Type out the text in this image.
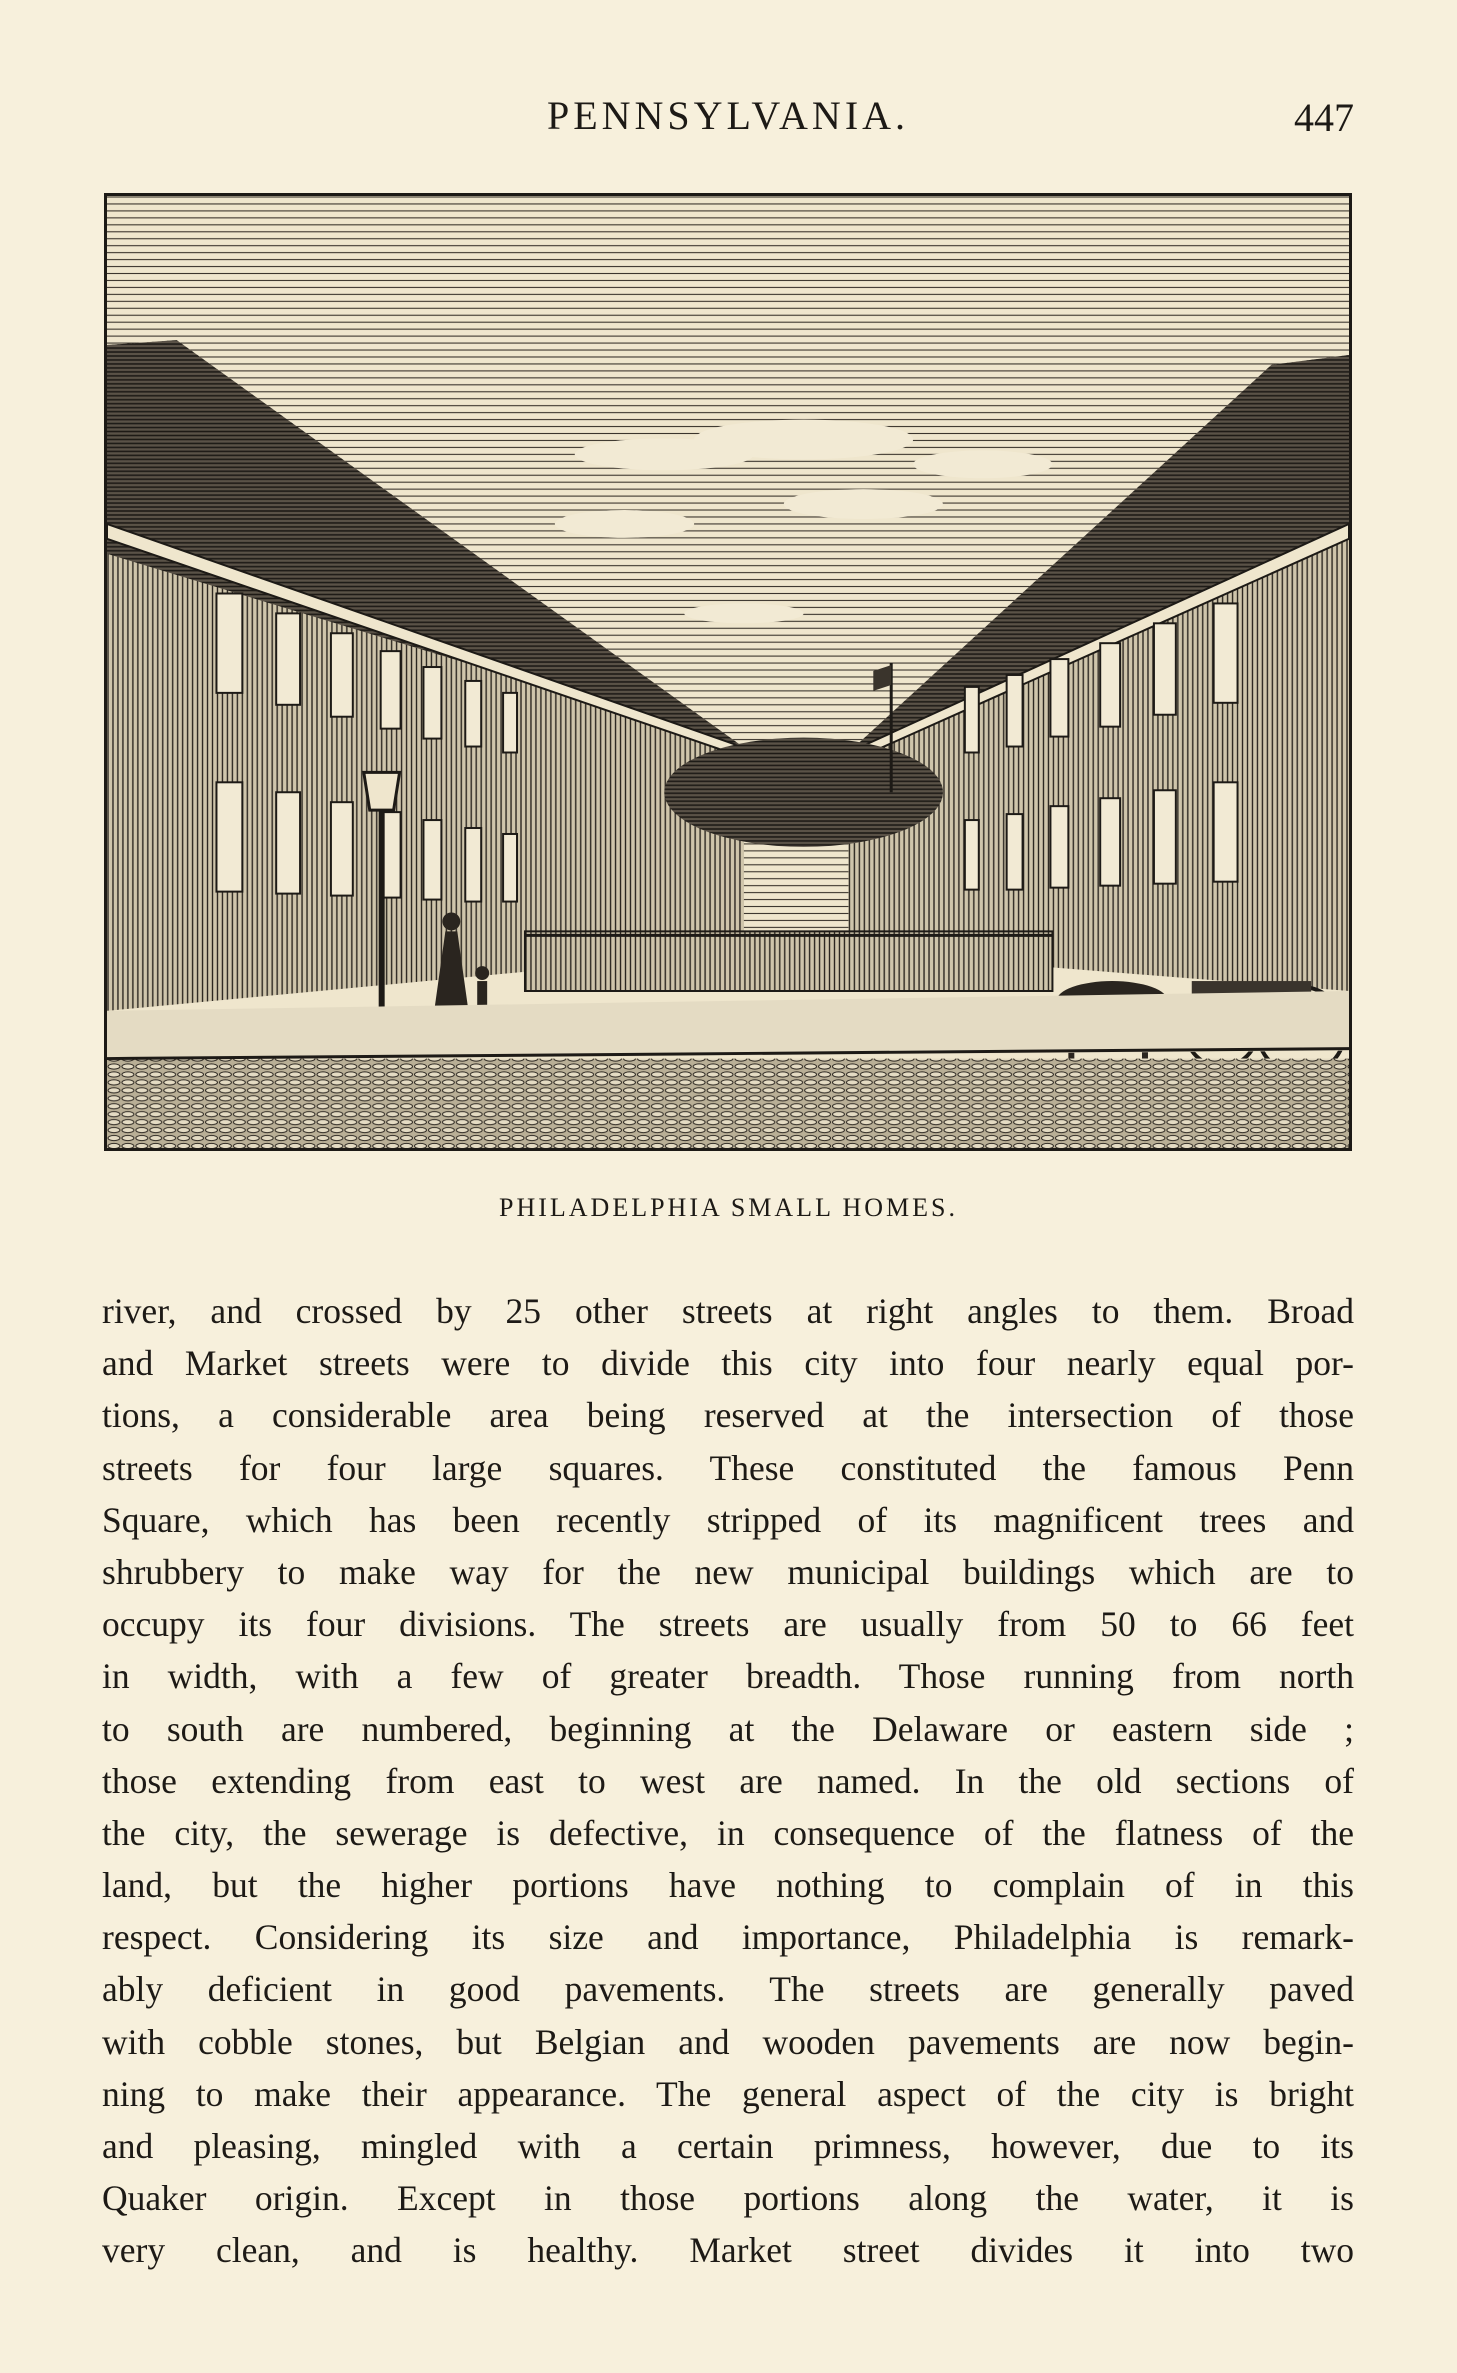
PENNSYLVANIA.	447
PHILADELPHIA SMALL HOMES.
river, and crossed by 25 other streets at right angles to them. Broad
and Market streets were to divide this city into four nearly equal por-
tions, a considerable area being reserved at the intersection of those
streets for four large squares. These constituted the famous Penn
Square, which has been recently stripped of its magnificent trees and
shrubbery to make way for the new municipal buildings which are to
occupy its four divisions. The streets are usually from 50 to 66 feet
in width, with a few of greater breadth. Those running from north
to south are numbered, beginning at the Delaware or eastern side ;
those extending from east to west are named. In the old sections of
the city, the sewerage is defective, in consequence of the flatness of the
land, but the higher portions have nothing to complain of in this
respect. Considering its size and importance, Philadelphia is remark-
ably deficient in good pavements. The streets are generally paved
with cobble stones, but Belgian and wooden pavements are now begin-
ning to make their appearance. The general aspect of the city is bright
and pleasing, mingled with a certain primness, however, due to its
Quaker origin. Except in those portions along the water, it is
very clean, and is healthy. Market street divides it into two
